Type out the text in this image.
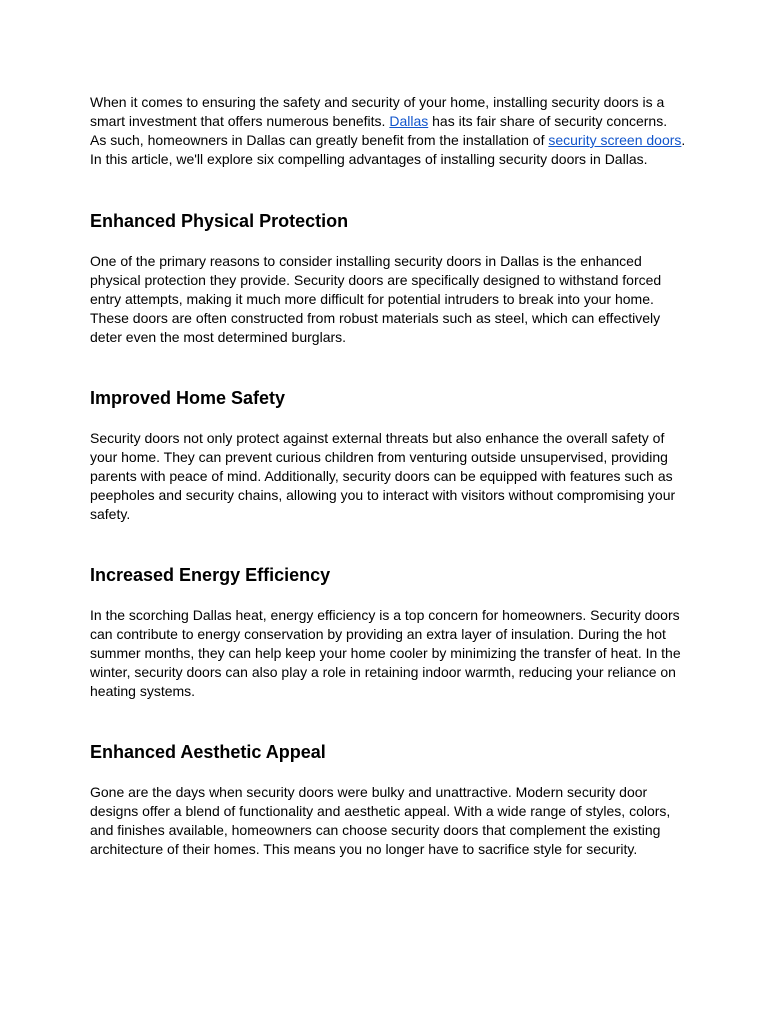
When it comes to ensuring the safety and security of your home, installing security doors is a smart investment that offers numerous benefits. Dallas has its fair share of security concerns. As such, homeowners in Dallas can greatly benefit from the installation of security screen doors. In this article, we'll explore six compelling advantages of installing security doors in Dallas.

Enhanced Physical Protection

One of the primary reasons to consider installing security doors in Dallas is the enhanced physical protection they provide. Security doors are specifically designed to withstand forced entry attempts, making it much more difficult for potential intruders to break into your home. These doors are often constructed from robust materials such as steel, which can effectively deter even the most determined burglars.

Improved Home Safety

Security doors not only protect against external threats but also enhance the overall safety of your home. They can prevent curious children from venturing outside unsupervised, providing parents with peace of mind. Additionally, security doors can be equipped with features such as peepholes and security chains, allowing you to interact with visitors without compromising your safety.

Increased Energy Efficiency

In the scorching Dallas heat, energy efficiency is a top concern for homeowners. Security doors can contribute to energy conservation by providing an extra layer of insulation. During the hot summer months, they can help keep your home cooler by minimizing the transfer of heat. In the winter, security doors can also play a role in retaining indoor warmth, reducing your reliance on heating systems.

Enhanced Aesthetic Appeal

Gone are the days when security doors were bulky and unattractive. Modern security door designs offer a blend of functionality and aesthetic appeal. With a wide range of styles, colors, and finishes available, homeowners can choose security doors that complement the existing architecture of their homes. This means you no longer have to sacrifice style for security.
